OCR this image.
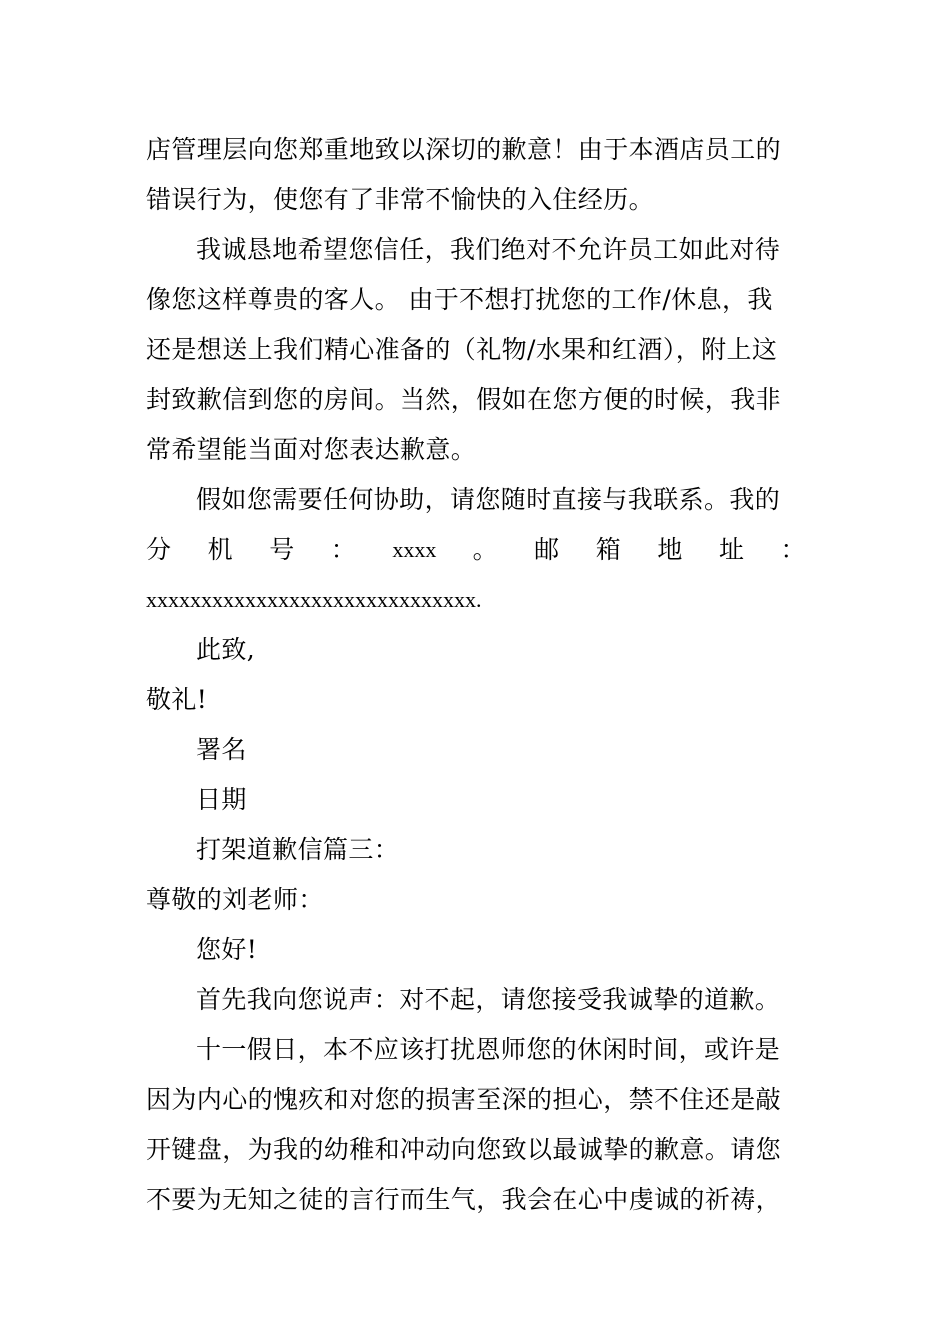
店管理层向您郑重地致以深切的歉意！由于本酒店员工的
错误行为，使您有了非常不愉快的入住经历。
我诚恳地希望您信任，我们绝对不允许员工如此对待
像您这样尊贵的客人。 由于不想打扰您的工作/休息，我
还是想送上我们精心准备的（礼物/水果和红酒），附上这
封致歉信到您的房间。当然，假如在您方便的时候，我非
常希望能当面对您表达歉意。
假如您需要任何协助，请您随时直接与我联系。我的
分 机 号 ： xxxx 。 邮 箱 地 址 ：
xxxxxxxxxxxxxxxxxxxxxxxxxxxxxx.
此致,
敬礼!
署名
日期
打架道歉信篇三：
尊敬的刘老师：
您好!
首先我向您说声：对不起，请您接受我诚挚的道歉。
十一假日，本不应该打扰恩师您的休闲时间，或许是
因为内心的愧疚和对您的损害至深的担心，禁不住还是敲
开键盘，为我的幼稚和冲动向您致以最诚挚的歉意。请您
不要为无知之徒的言行而生气，我会在心中虔诚的祈祷，
